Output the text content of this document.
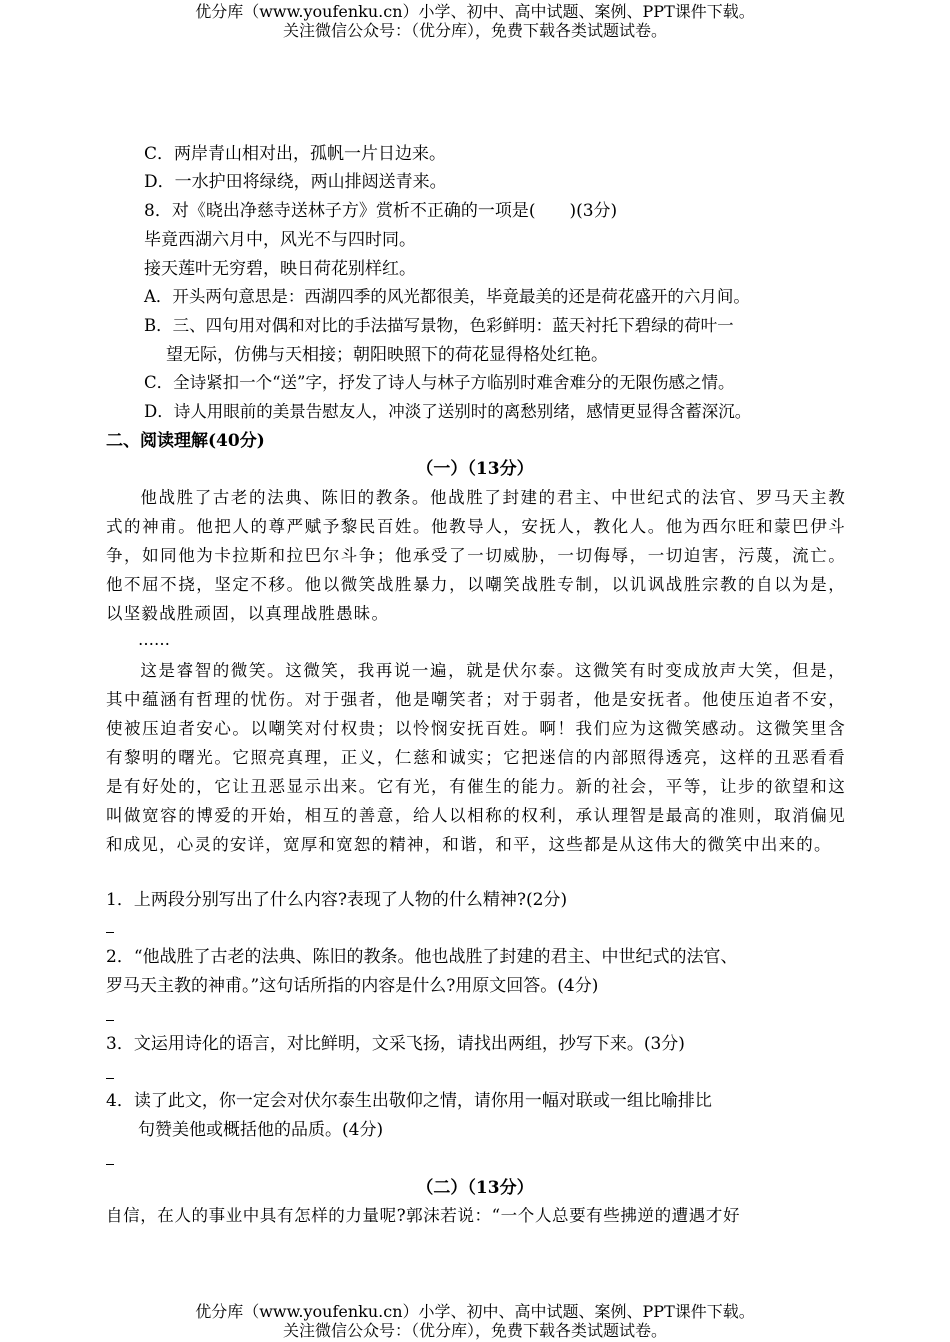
优分库（www.youfenku.cn）小学、初中、高中试题、案例、PPT课件下载。
关注微信公众号：（优分库），免费下载各类试题试卷。
C．两岸青山相对出，孤帆一片日边来。
D．一水护田将绿绕，两山排闼送青来。
8．对《晓出净慈寺送林子方》赏析不正确的一项是(　　)(3分)
毕竟西湖六月中，风光不与四时同。
接天莲叶无穷碧，映日荷花别样红。
A．开头两句意思是：西湖四季的风光都很美，毕竟最美的还是荷花盛开的六月间。
B．三、四句用对偶和对比的手法描写景物，色彩鲜明：蓝天衬托下碧绿的荷叶一
望无际，仿佛与天相接；朝阳映照下的荷花显得格处红艳。
C．全诗紧扣一个“送”字，抒发了诗人与林子方临别时难舍难分的无限伤感之情。
D．诗人用眼前的美景告慰友人，冲淡了送别时的离愁别绪，感情更显得含蓄深沉。
二、阅读理解(40分)
（一）（13分）
他战胜了古老的法典、陈旧的教条。他战胜了封建的君主、中世纪式的法官、罗马天主教式的神甫。他把人的尊严赋予黎民百姓。他教导人，安抚人，教化人。他为西尔旺和蒙巴伊斗争，如同他为卡拉斯和拉巴尔斗争；他承受了一切威胁，一切侮辱，一切迫害，污蔑，流亡。他不屈不挠，坚定不移。他以微笑战胜暴力，以嘲笑战胜专制，以讥讽战胜宗教的自以为是，以坚毅战胜顽固，以真理战胜愚昧。
……
这是睿智的微笑。这微笑，我再说一遍，就是伏尔泰。这微笑有时变成放声大笑，但是，其中蕴涵有哲理的忧伤。对于强者，他是嘲笑者；对于弱者，他是安抚者。他使压迫者不安，使被压迫者安心。以嘲笑对付权贵；以怜悯安抚百姓。啊！我们应为这微笑感动。这微笑里含有黎明的曙光。它照亮真理，正义，仁慈和诚实；它把迷信的内部照得透亮，这样的丑恶看看是有好处的，它让丑恶显示出来。它有光，有催生的能力。新的社会，平等，让步的欲望和这叫做宽容的博爱的开始，相互的善意，给人以相称的权利，承认理智是最高的准则，取消偏见和成见，心灵的安详，宽厚和宽恕的精神，和谐，和平，这些都是从这伟大的微笑中出来的。
1．上两段分别写出了什么内容?表现了人物的什么精神?(2分)
2．“他战胜了古老的法典、陈旧的教条。他也战胜了封建的君主、中世纪式的法官、
罗马天主教的神甫。”这句话所指的内容是什么?用原文回答。(4分)
3．文运用诗化的语言，对比鲜明，文采飞扬，请找出两组，抄写下来。(3分)
4．读了此文，你一定会对伏尔泰生出敬仰之情，请你用一幅对联或一组比喻排比
句赞美他或概括他的品质。(4分)
（二）（13分）
自信，在人的事业中具有怎样的力量呢?郭沫若说：“一个人总要有些拂逆的遭遇才好
优分库（www.youfenku.cn）小学、初中、高中试题、案例、PPT课件下载。
关注微信公众号：（优分库），免费下载各类试题试卷。
